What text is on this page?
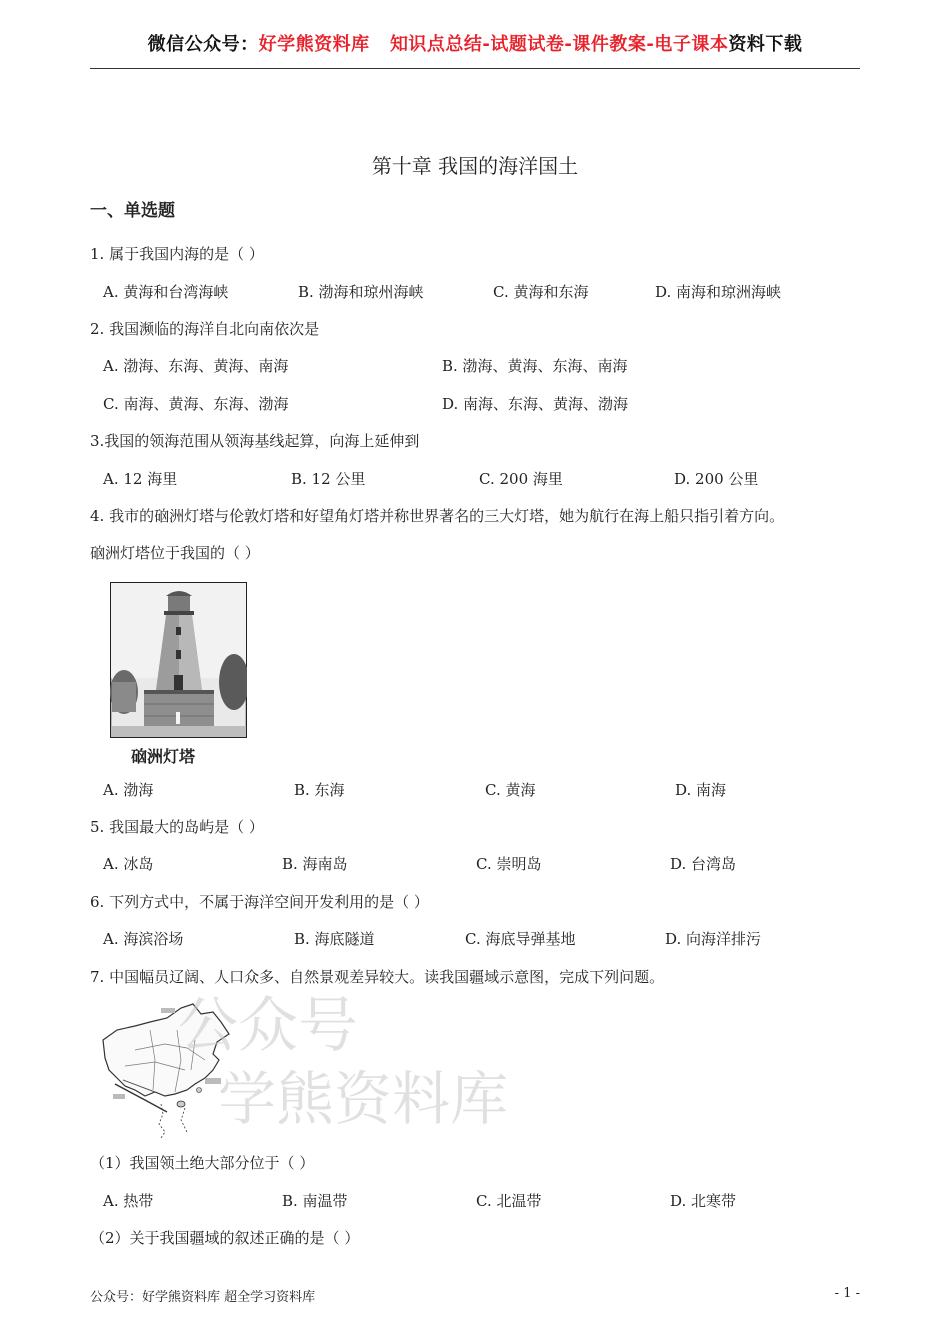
微信公众号：好学熊资料库 知识点总结-试题试卷-课件教案-电子课本资料下载
第十章 我国的海洋国土
一、单选题
1. 属于我国内海的是（ ）
A. 黄海和台湾海峡	B. 渤海和琼州海峡	C. 黄海和东海	D. 南海和琼洲海峡
2. 我国濒临的海洋自北向南依次是
A. 渤海、东海、黄海、南海	B. 渤海、黄海、东海、南海
C. 南海、黄海、东海、渤海	D. 南海、东海、黄海、渤海
3.我国的领海范围从领海基线起算，向海上延伸到
A. 12 海里	B. 12 公里	C. 200 海里	D. 200 公里
4. 我市的硇洲灯塔与伦敦灯塔和好望角灯塔并称世界著名的三大灯塔，她为航行在海上船只指引着方向。
硇洲灯塔位于我国的（ ）
硇洲灯塔
A. 渤海	B. 东海	C. 黄海	D. 南海
5. 我国最大的岛屿是（ ）
A. 冰岛	B. 海南岛	C. 崇明岛	D. 台湾岛
6. 下列方式中，不属于海洋空间开发利用的是（ ）
A. 海滨浴场	B. 海底隧道	C. 海底导弹基地	D. 向海洋排污
7. 中国幅员辽阔、人口众多、自然景观差异较大。读我国疆域示意图，完成下列问题。
公众号
学熊资料库
（1）我国领土绝大部分位于（ ）
A. 热带	B. 南温带	C. 北温带	D. 北寒带
（2）关于我国疆域的叙述正确的是（ ）
公众号：好学熊资料库 超全学习资料库	- 1 -
